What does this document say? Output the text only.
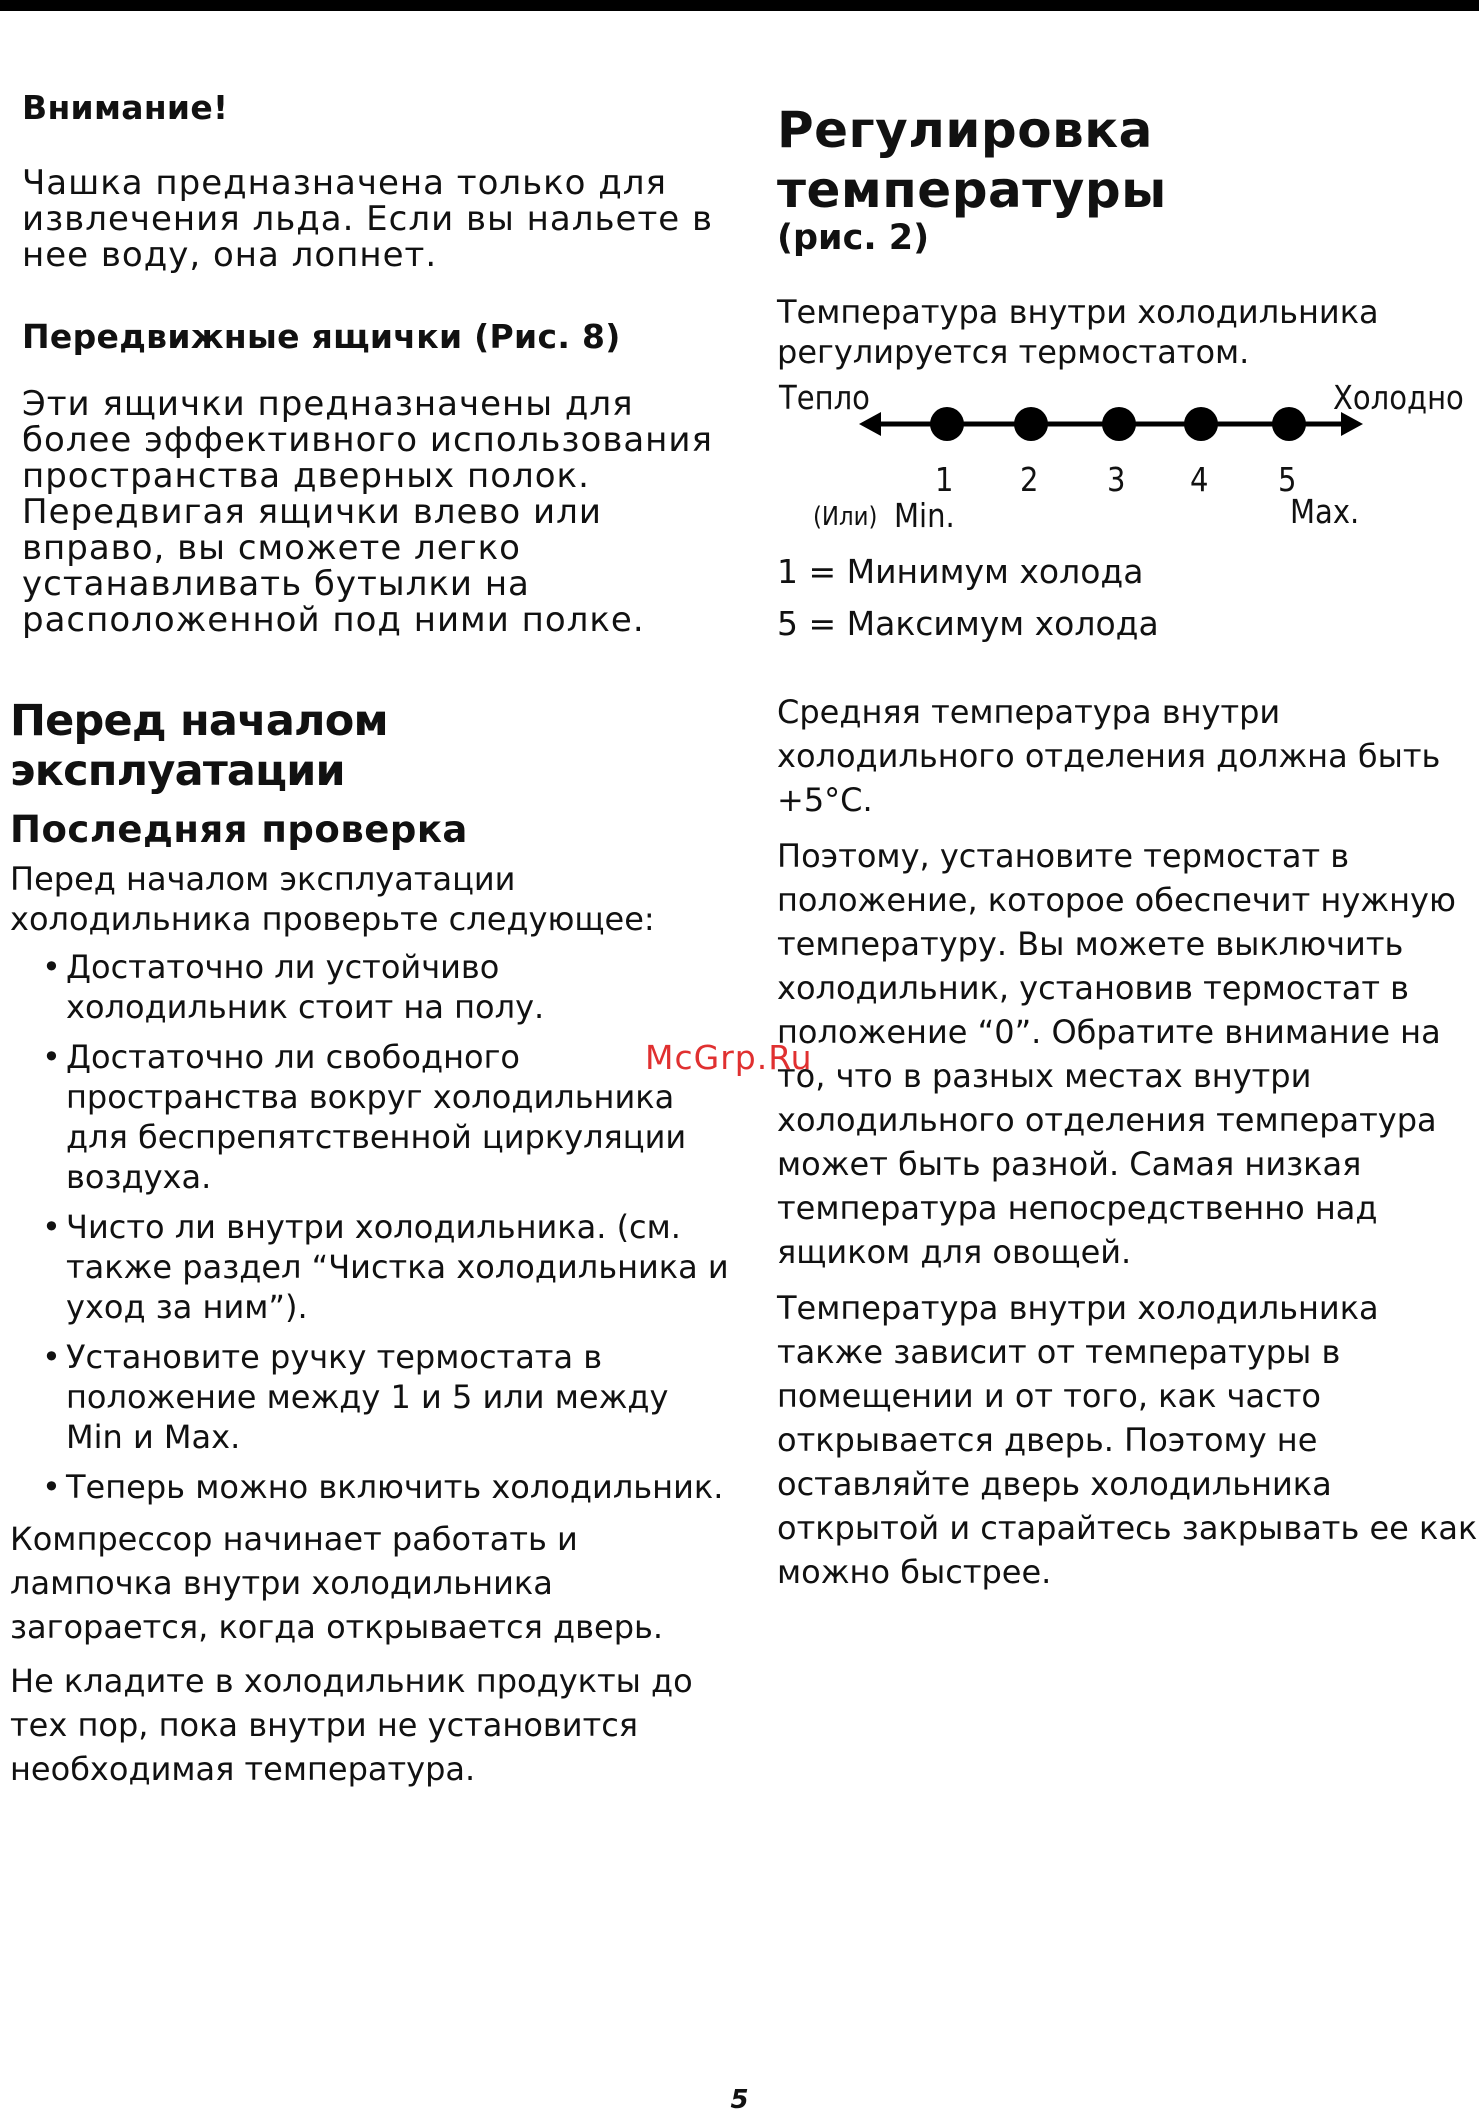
Внимание!
Чашка предназначена только для извлечения льда. Если вы нальете в нее воду, она лопнет.
Передвижные ящички (Рис. 8)
Эти ящички предназначены для более эффективного использования пространства дверных полок. Передвигая ящички влево или вправо, вы сможете легко устанавливать бутылки на расположенной под ними полке.
Перед началом эксплуатации
Последняя проверка
Перед началом эксплуатации холодильника проверьте следующее:
• Достаточно ли устойчиво холодильник стоит на полу.
• Достаточно ли свободного пространства вокруг холодильника для беспрепятственной циркуляции воздуха.
• Чисто ли внутри холодильника. (см. также раздел “Чистка холодильника и уход за ним”).
• Установите ручку термостата в положение между 1 и 5 или между Min и Max.
• Теперь можно включить холодильник.
Компрессор начинает работать и лампочка внутри холодильника загорается, когда открывается дверь.
Не кладите в холодильник продукты до тех пор, пока внутри не установится необходимая температура.
Регулировка температуры
(рис. 2)
Температура внутри холодильника регулируется термостатом.
Тепло	Холодно
1 2 3 4 5
(Или) Min.	Max.
1 = Минимум холода
5 = Максимум холода
Средняя температура внутри холодильного отделения должна быть +5°С.
Поэтому, установите термостат в положение, которое обеспечит нужную температуру. Вы можете выключить холодильник, установив термостат в положение “0”. Обратите внимание на то, что в разных местах внутри холодильного отделения температура может быть разной. Самая низкая температура непосредственно над ящиком для овощей.
Температура внутри холодильника также зависит от температуры в помещении и от того, как часто открывается дверь. Поэтому не оставляйте дверь холодильника открытой и старайтесь закрывать ее как можно быстрее.
McGrp.Ru
5
